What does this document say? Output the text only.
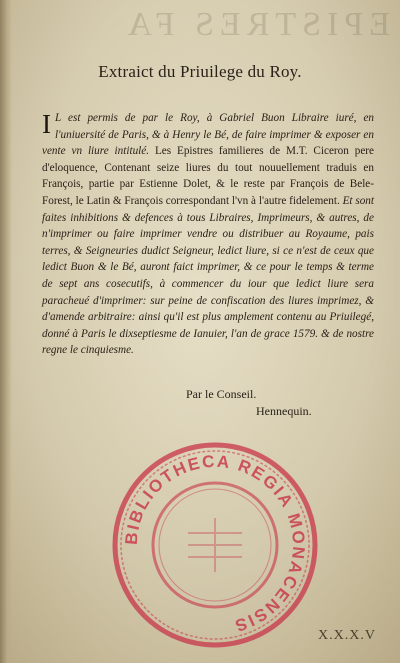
EPISTRES FA
Extraict du Priuilege du Roy.
I L est permis de par le Roy, à Gabriel Buon Libraire iuré, en l'uniuersité de Paris, & à Henry le Bé, de faire imprimer & exposer en vente vn liure intitulé. Les Epistres familieres de M.T. Ciceron pere d'eloquence, Contenant seize liures du tout nouuellement traduis en François, partie par Estienne Dolet, & le reste par François de Bele-Forest, le Latin & François correspondant l'vn à l'autre fidelement. Et sont faites inhibitions & defences à tous Libraires, Imprimeurs, & autres, de n'imprimer ou faire imprimer vendre ou distribuer au Royaume, pais terres, & Seigneuries dudict Seigneur, ledict liure, si ce n'est de ceux que ledict Buon & le Bé, auront faict imprimer, & ce pour le temps & terme de sept ans cosecutifs, à commencer du iour que ledict liure sera paracheué d'imprimer: sur peine de confiscation des liures imprimez, & d'amende arbitraire: ainsi qu'il est plus amplement contenu au Priuilegé, donné à Paris le dixseptiesme de Ianuier, l'an de grace 1579. & de nostre regne le cinquiesme.
Par le Conseil.
Hennequin.
BIBLIOTHECA REGIA MONACENSIS	X.X.X.V
